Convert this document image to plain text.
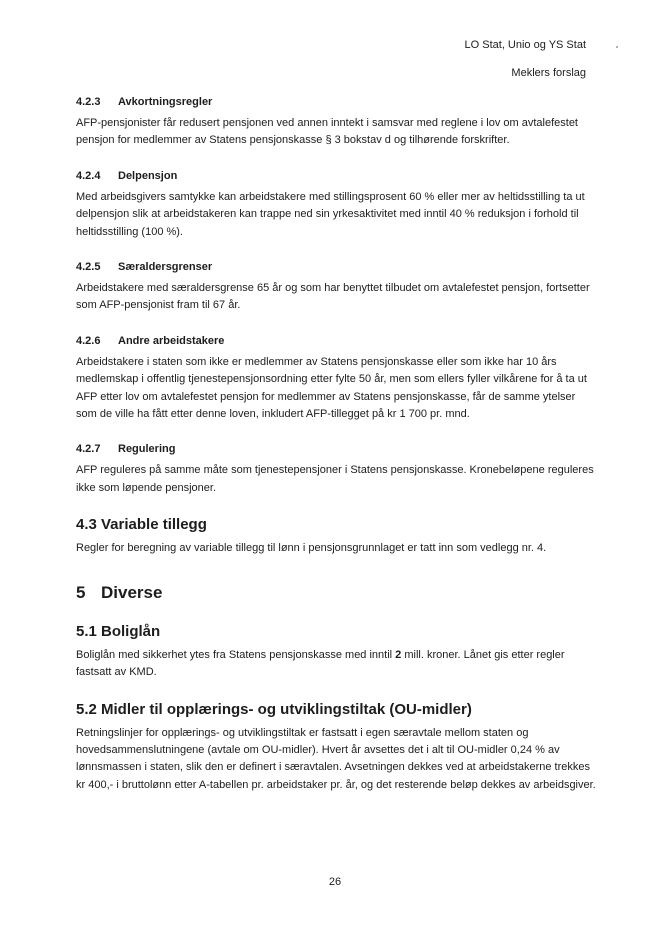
LO Stat, Unio og YS Stat
Meklers forslag
4.2.3 Avkortningsregler

AFP-pensjonister får redusert pensjonen ved annen inntekt i samsvar med reglene i lov om avtalefestet pensjon for medlemmer av Statens pensjonskasse § 3 bokstav d og tilhørende forskrifter.

4.2.4 Delpensjon

Med arbeidsgivers samtykke kan arbeidstakere med stillingsprosent 60 % eller mer av heltidsstilling ta ut delpensjon slik at arbeidstakeren kan trappe ned sin yrkesaktivitet med inntil 40 % reduksjon i forhold til heltidsstilling (100 %).

4.2.5 Særaldersgrenser

Arbeidstakere med særaldersgrense 65 år og som har benyttet tilbudet om avtalefestet pensjon, fortsetter som AFP-pensjonist fram til 67 år.

4.2.6 Andre arbeidstakere

Arbeidstakere i staten som ikke er medlemmer av Statens pensjonskasse eller som ikke har 10 års medlemskap i offentlig tjenestepensjonsordning etter fylte 50 år, men som ellers fyller vilkårene for å ta ut AFP etter lov om avtalefestet pensjon for medlemmer av Statens pensjonskasse, får de samme ytelser som de ville ha fått etter denne loven, inkludert AFP-tillegget på kr 1 700 pr. mnd.

4.2.7 Regulering

AFP reguleres på samme måte som tjenestepensjoner i Statens pensjonskasse. Kronebeløpene reguleres ikke som løpende pensjoner.

4.3 Variable tillegg

Regler for beregning av variable tillegg til lønn i pensjonsgrunnlaget er tatt inn som vedlegg nr. 4.

5 Diverse
5.1 Boliglån

Boliglån med sikkerhet ytes fra Statens pensjonskasse med inntil 2 mill. kroner. Lånet gis etter regler fastsatt av KMD.

5.2 Midler til opplærings- og utviklingstiltak (OU-midler)

Retningslinjer for opplærings- og utviklingstiltak er fastsatt i egen særavtale mellom staten og hovedsammenslutningene (avtale om OU-midler). Hvert år avsettes det i alt til OU-midler 0,24 % av lønnsmassen i staten, slik den er definert i særavtalen. Avsetningen dekkes ved at arbeidstakerne trekkes kr 400,- i bruttolønn etter A-tabellen pr. arbeidstaker pr. år, og det resterende beløp dekkes av arbeidsgiver.

26
